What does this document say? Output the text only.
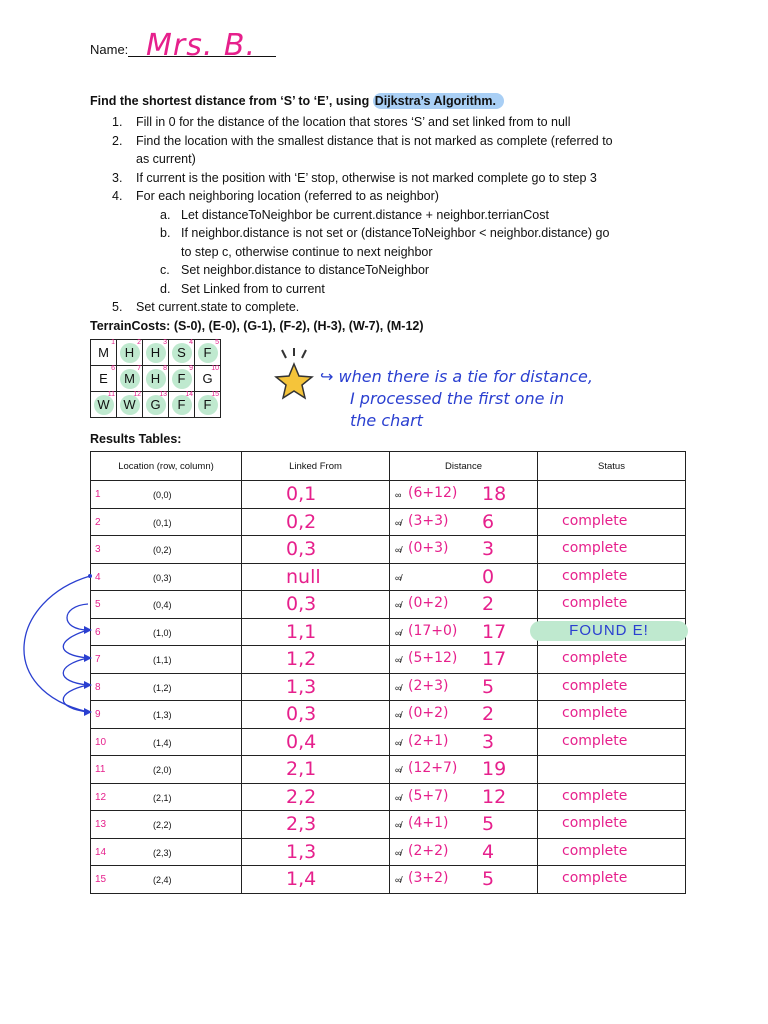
Name: Mrs. B.
Find the shortest distance from ‘S’ to ‘E’, using Dijkstra’s Algorithm.
1. Fill in 0 for the distance of the location that stores ‘S’ and set linked from to null
2. Find the location with the smallest distance that is not marked as complete (referred to
as current)
3. If current is the position with ‘E’ stop, otherwise is not marked complete go to step 3
4. For each neighboring location (referred to as neighbor)
a. Let distanceToNeighbor be current.distance + neighbor.terrianCost
b. If neighbor.distance is not set or (distanceToNeighbor < neighbor.distance) go
to step c, otherwise continue to next neighbor
c. Set neighbor.distance to distanceToNeighbor
d. Set Linked from to current
5. Set current.state to complete.
TerrainCosts: (S-0), (E-0), (G-1), (F-2), (H-3), (W-7), (M-12)
M
1	H
2	H
3	S
4	F
5

E
6	M
7	H
8	F
9	G
10

W
11	W
12	G
13	F
14	F
15
↪ when there is a tie for distance,
I processed the first one in
the chart
Results Tables:
Location (row, column)	Linked From	Distance	Status

1 (0,0)	0,1	∞ (6+12) 18	

2 (0,1)	0,2	∞̸ (3+3) 6	complete

3 (0,2)	0,3	∞̸ (0+3) 3	complete

4 (0,3)	null	∞̸ 0	complete

5 (0,4)	0,3	∞̸ (0+2) 2	complete

6 (1,0)	1,1	∞̸ (17+0) 17	FOUND E!

7 (1,1)	1,2	∞̸ (5+12) 17	complete

8 (1,2)	1,3	∞̸ (2+3) 5	complete

9 (1,3)	0,3	∞̸ (0+2) 2	complete

10 (1,4)	0,4	∞̸ (2+1) 3	complete

11 (2,0)	2,1	∞̸ (12+7) 19	

12 (2,1)	2,2	∞̸ (5+7) 12	complete

13 (2,2)	2,3	∞̸ (4+1) 5	complete

14 (2,3)	1,3	∞̸ (2+2) 4	complete

15 (2,4)	1,4	∞̸ (3+2) 5	complete
